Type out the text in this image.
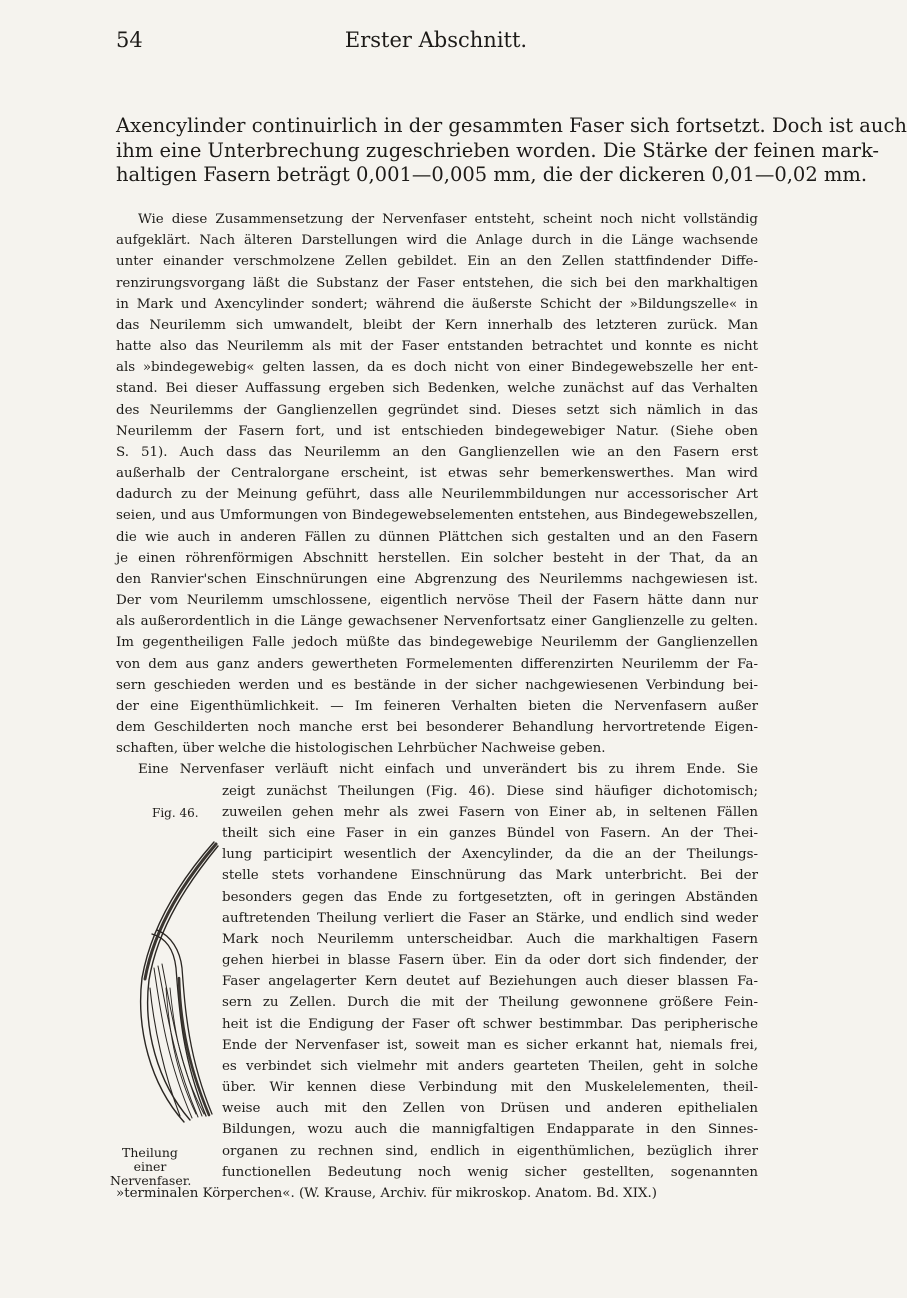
54	Erster Abschnitt.
Axencylinder continuirlich in der gesammten Faser sich fortsetzt. Doch ist auch
ihm eine Unterbrechung zugeschrieben worden. Die Stärke der feinen mark-
haltigen Fasern beträgt 0,001—0,005 mm, die der dickeren 0,01—0,02 mm.
Wie diese Zusammensetzung der Nervenfaser entsteht, scheint noch nicht vollständig
aufgeklärt. Nach älteren Darstellungen wird die Anlage durch in die Länge wachsende
unter einander verschmolzene Zellen gebildet. Ein an den Zellen stattfindender Diffe-
renzirungsvorgang läßt die Substanz der Faser entstehen, die sich bei den markhaltigen
in Mark und Axencylinder sondert; während die äußerste Schicht der »Bildungszelle« in
das Neurilemm sich umwandelt, bleibt der Kern innerhalb des letzteren zurück. Man
hatte also das Neurilemm als mit der Faser entstanden betrachtet und konnte es nicht
als »bindegewebig« gelten lassen, da es doch nicht von einer Bindegewebszelle her ent-
stand. Bei dieser Auffassung ergeben sich Bedenken, welche zunächst auf das Verhalten
des Neurilemms der Ganglienzellen gegründet sind. Dieses setzt sich nämlich in das
Neurilemm der Fasern fort, und ist entschieden bindegewebiger Natur. (Siehe oben
S. 51). Auch dass das Neurilemm an den Ganglienzellen wie an den Fasern erst
außerhalb der Centralorgane erscheint, ist etwas sehr bemerkenswerthes. Man wird
dadurch zu der Meinung geführt, dass alle Neurilemmbildungen nur accessorischer Art
seien, und aus Umformungen von Bindegewebselementen entstehen, aus Bindegewebszellen,
die wie auch in anderen Fällen zu dünnen Plättchen sich gestalten und an den Fasern
je einen röhrenförmigen Abschnitt herstellen. Ein solcher besteht in der That, da an
den Ranvier'schen Einschnürungen eine Abgrenzung des Neurilemms nachgewiesen ist.
Der vom Neurilemm umschlossene, eigentlich nervöse Theil der Fasern hätte dann nur
als außerordentlich in die Länge gewachsener Nervenfortsatz einer Ganglienzelle zu gelten.
Im gegentheiligen Falle jedoch müßte das bindegewebige Neurilemm der Ganglienzellen
von dem aus ganz anders gewertheten Formelementen differenzirten Neurilemm der Fa-
sern geschieden werden und es bestände in der sicher nachgewiesenen Verbindung bei-
der eine Eigenthümlichkeit. — Im feineren Verhalten bieten die Nervenfasern außer
dem Geschilderten noch manche erst bei besonderer Behandlung hervortretende Eigen-
schaften, über welche die histologischen Lehrbücher Nachweise geben.
Eine Nervenfaser verläuft nicht einfach und unverändert bis zu ihrem Ende. Sie
zeigt zunächst Theilungen (Fig. 46). Diese sind häufiger dichotomisch;
zuweilen gehen mehr als zwei Fasern von Einer ab, in seltenen Fällen
theilt sich eine Faser in ein ganzes Bündel von Fasern. An der Thei-
lung participirt wesentlich der Axencylinder, da die an der Theilungs-
stelle stets vorhandene Einschnürung das Mark unterbricht. Bei der
besonders gegen das Ende zu fortgesetzten, oft in geringen Abständen
auftretenden Theilung verliert die Faser an Stärke, und endlich sind weder
Mark noch Neurilemm unterscheidbar. Auch die markhaltigen Fasern
gehen hierbei in blasse Fasern über. Ein da oder dort sich findender, der
Faser angelagerter Kern deutet auf Beziehungen auch dieser blassen Fa-
sern zu Zellen. Durch die mit der Theilung gewonnene größere Fein-
heit ist die Endigung der Faser oft schwer bestimmbar. Das peripherische
Ende der Nervenfaser ist, soweit man es sicher erkannt hat, niemals frei,
es verbindet sich vielmehr mit anders gearteten Theilen, geht in solche
über. Wir kennen diese Verbindung mit den Muskelelementen, theil-
weise auch mit den Zellen von Drüsen und anderen epithelialen
Bildungen, wozu auch die mannigfaltigen Endapparate in den Sinnes-
organen zu rechnen sind, endlich in eigenthümlichen, bezüglich ihrer
functionellen Bedeutung noch wenig sicher gestellten, sogenannten
»terminalen Körperchen«. (W. Krause, Archiv. für mikroskop. Anatom. Bd. XIX.)
Fig. 46.
Theilung einer
Nervenfaser.
